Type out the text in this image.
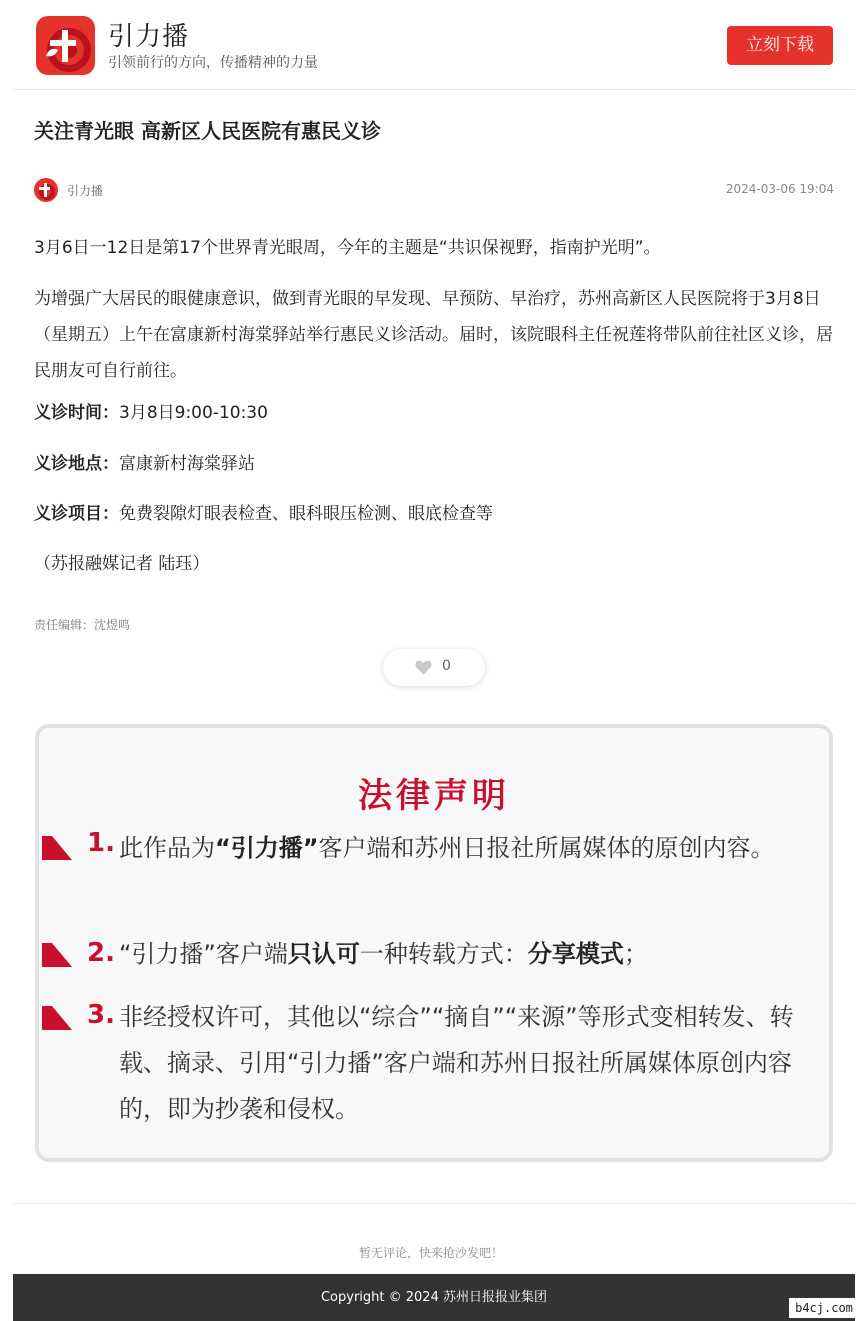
引力播
引领前行的方向，传播精神的力量
立刻下载
关注青光眼 高新区人民医院有惠民义诊
引力播	2024-03-06 19:04

3月6日一12日是第17个世界青光眼周，今年的主题是“共识保视野，指南护光明”。

为增强广大居民的眼健康意识，做到青光眼的早发现、早预防、早治疗，苏州高新区人民医院将于3月8日（星期五）上午在富康新村海棠驿站举行惠民义诊活动。届时，该院眼科主任祝莲将带队前往社区义诊，居民朋友可自行前往。

义诊时间：3月8日9:00-10:30

义诊地点：富康新村海棠驿站

义诊项目：免费裂隙灯眼表检查、眼科眼压检测、眼底检查等

（苏报融媒记者 陆珏）

责任编辑：沈煜鸣
0
法律声明
1. 此作品为“引力播”客户端和苏州日报社所属媒体的原创内容。
2. “引力播”客户端只认可一种转载方式：分享模式；
3. 非经授权许可，其他以“综合”“摘自”“来源”等形式变相转发、转载、摘录、引用“引力播”客户端和苏州日报社所属媒体原创内容的，即为抄袭和侵权。
暂无评论，快来抢沙发吧！
Copyright © 2024 苏州日报报业集团
b4cj.com
